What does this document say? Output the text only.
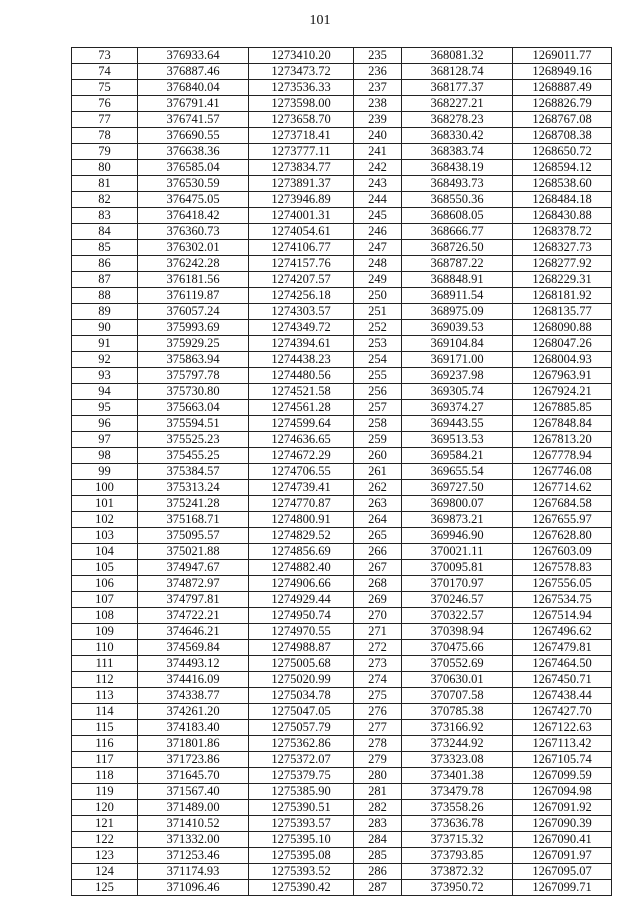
101
73	376933.64	1273410.20	235	368081.32	1269011.77
74	376887.46	1273473.72	236	368128.74	1268949.16
75	376840.04	1273536.33	237	368177.37	1268887.49
76	376791.41	1273598.00	238	368227.21	1268826.79
77	376741.57	1273658.70	239	368278.23	1268767.08
78	376690.55	1273718.41	240	368330.42	1268708.38
79	376638.36	1273777.11	241	368383.74	1268650.72
80	376585.04	1273834.77	242	368438.19	1268594.12
81	376530.59	1273891.37	243	368493.73	1268538.60
82	376475.05	1273946.89	244	368550.36	1268484.18
83	376418.42	1274001.31	245	368608.05	1268430.88
84	376360.73	1274054.61	246	368666.77	1268378.72
85	376302.01	1274106.77	247	368726.50	1268327.73
86	376242.28	1274157.76	248	368787.22	1268277.92
87	376181.56	1274207.57	249	368848.91	1268229.31
88	376119.87	1274256.18	250	368911.54	1268181.92
89	376057.24	1274303.57	251	368975.09	1268135.77
90	375993.69	1274349.72	252	369039.53	1268090.88
91	375929.25	1274394.61	253	369104.84	1268047.26
92	375863.94	1274438.23	254	369171.00	1268004.93
93	375797.78	1274480.56	255	369237.98	1267963.91
94	375730.80	1274521.58	256	369305.74	1267924.21
95	375663.04	1274561.28	257	369374.27	1267885.85
96	375594.51	1274599.64	258	369443.55	1267848.84
97	375525.23	1274636.65	259	369513.53	1267813.20
98	375455.25	1274672.29	260	369584.21	1267778.94
99	375384.57	1274706.55	261	369655.54	1267746.08
100	375313.24	1274739.41	262	369727.50	1267714.62
101	375241.28	1274770.87	263	369800.07	1267684.58
102	375168.71	1274800.91	264	369873.21	1267655.97
103	375095.57	1274829.52	265	369946.90	1267628.80
104	375021.88	1274856.69	266	370021.11	1267603.09
105	374947.67	1274882.40	267	370095.81	1267578.83
106	374872.97	1274906.66	268	370170.97	1267556.05
107	374797.81	1274929.44	269	370246.57	1267534.75
108	374722.21	1274950.74	270	370322.57	1267514.94
109	374646.21	1274970.55	271	370398.94	1267496.62
110	374569.84	1274988.87	272	370475.66	1267479.81
111	374493.12	1275005.68	273	370552.69	1267464.50
112	374416.09	1275020.99	274	370630.01	1267450.71
113	374338.77	1275034.78	275	370707.58	1267438.44
114	374261.20	1275047.05	276	370785.38	1267427.70
115	374183.40	1275057.79	277	373166.92	1267122.63
116	371801.86	1275362.86	278	373244.92	1267113.42
117	371723.86	1275372.07	279	373323.08	1267105.74
118	371645.70	1275379.75	280	373401.38	1267099.59
119	371567.40	1275385.90	281	373479.78	1267094.98
120	371489.00	1275390.51	282	373558.26	1267091.92
121	371410.52	1275393.57	283	373636.78	1267090.39
122	371332.00	1275395.10	284	373715.32	1267090.41
123	371253.46	1275395.08	285	373793.85	1267091.97
124	371174.93	1275393.52	286	373872.32	1267095.07
125	371096.46	1275390.42	287	373950.72	1267099.71
